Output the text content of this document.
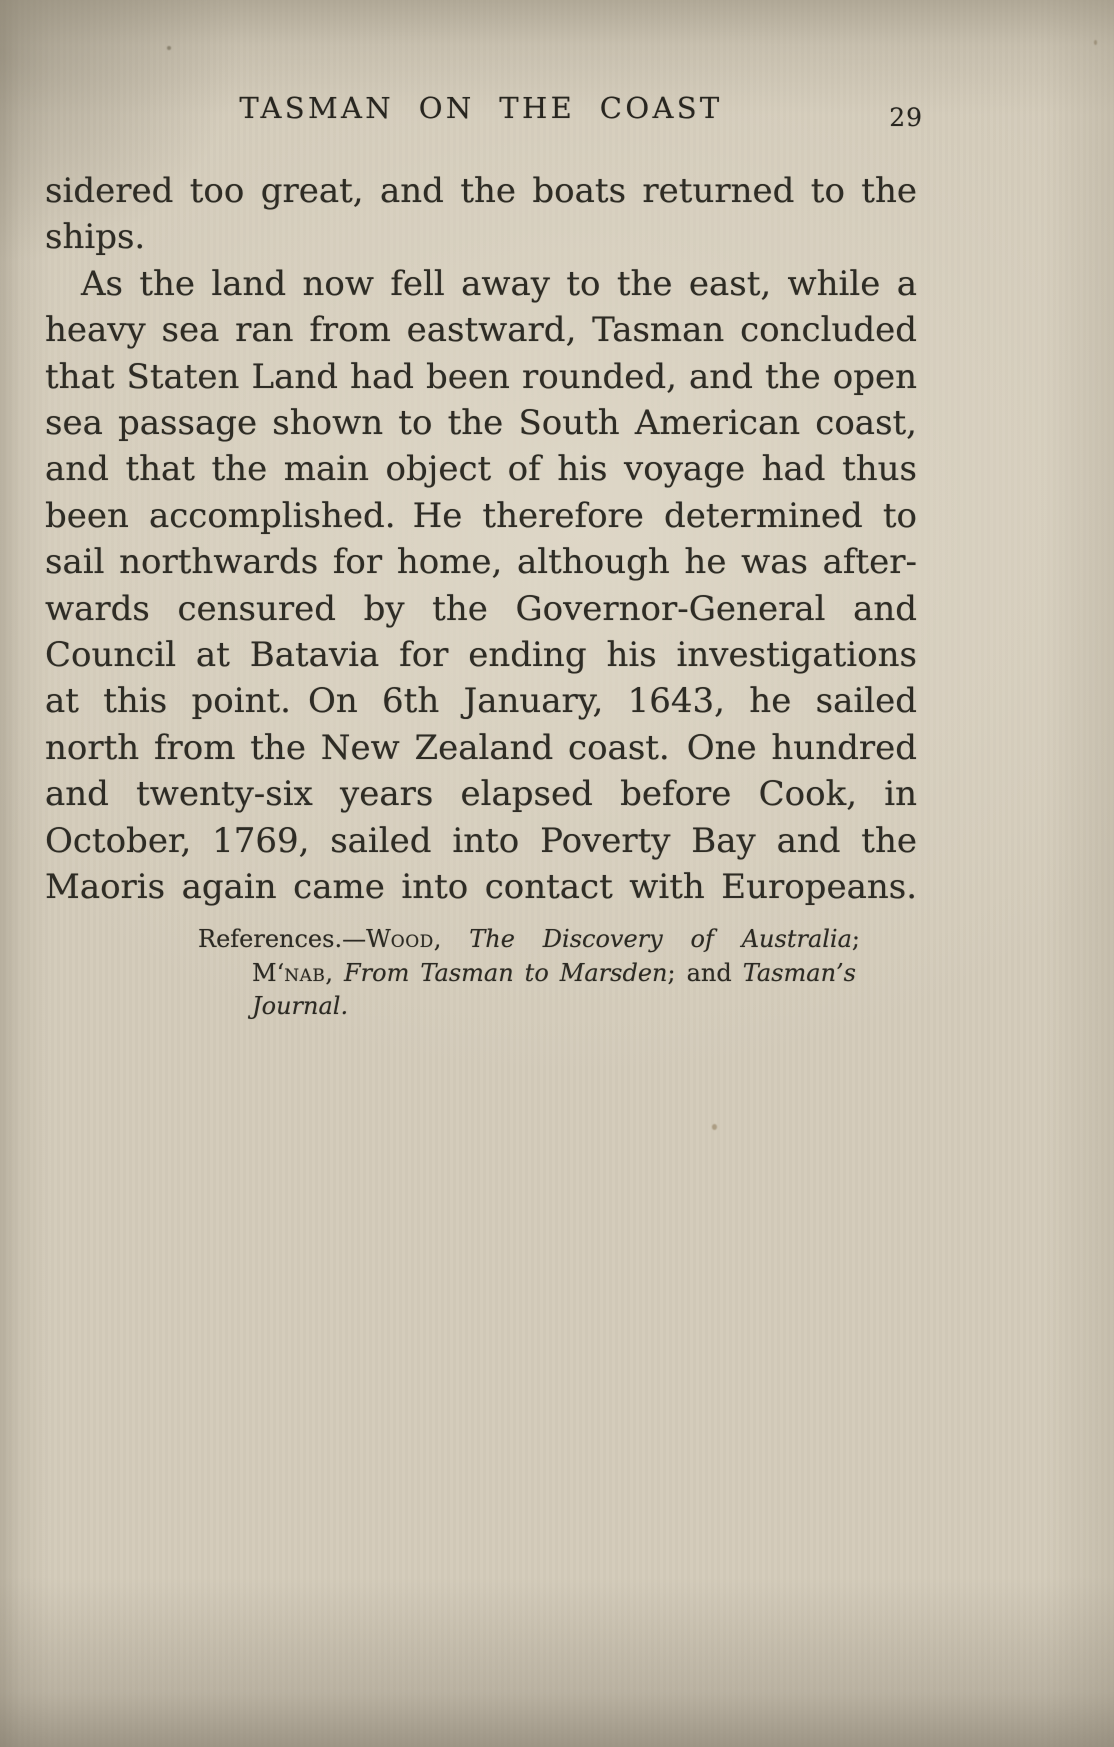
TASMAN ON THE COAST	29
sidered too great, and the boats returned to the
ships.
As the land now fell away to the east, while a
heavy sea ran from eastward, Tasman concluded
that Staten Land had been rounded, and the open
sea passage shown to the South American coast,
and that the main object of his voyage had thus
been accomplished. He therefore determined to
sail northwards for home, although he was after-
wards censured by the Governor-General and
Council at Batavia for ending his investigations
at this point. On 6th January, 1643, he sailed
north from the New Zealand coast. One hundred
and twenty-six years elapsed before Cook, in
October, 1769, sailed into Poverty Bay and the
Maoris again came into contact with Europeans.
References.—Wood, The Discovery of Australia;
M‘nab, From Tasman to Marsden; and Tasman’s
Journal.
